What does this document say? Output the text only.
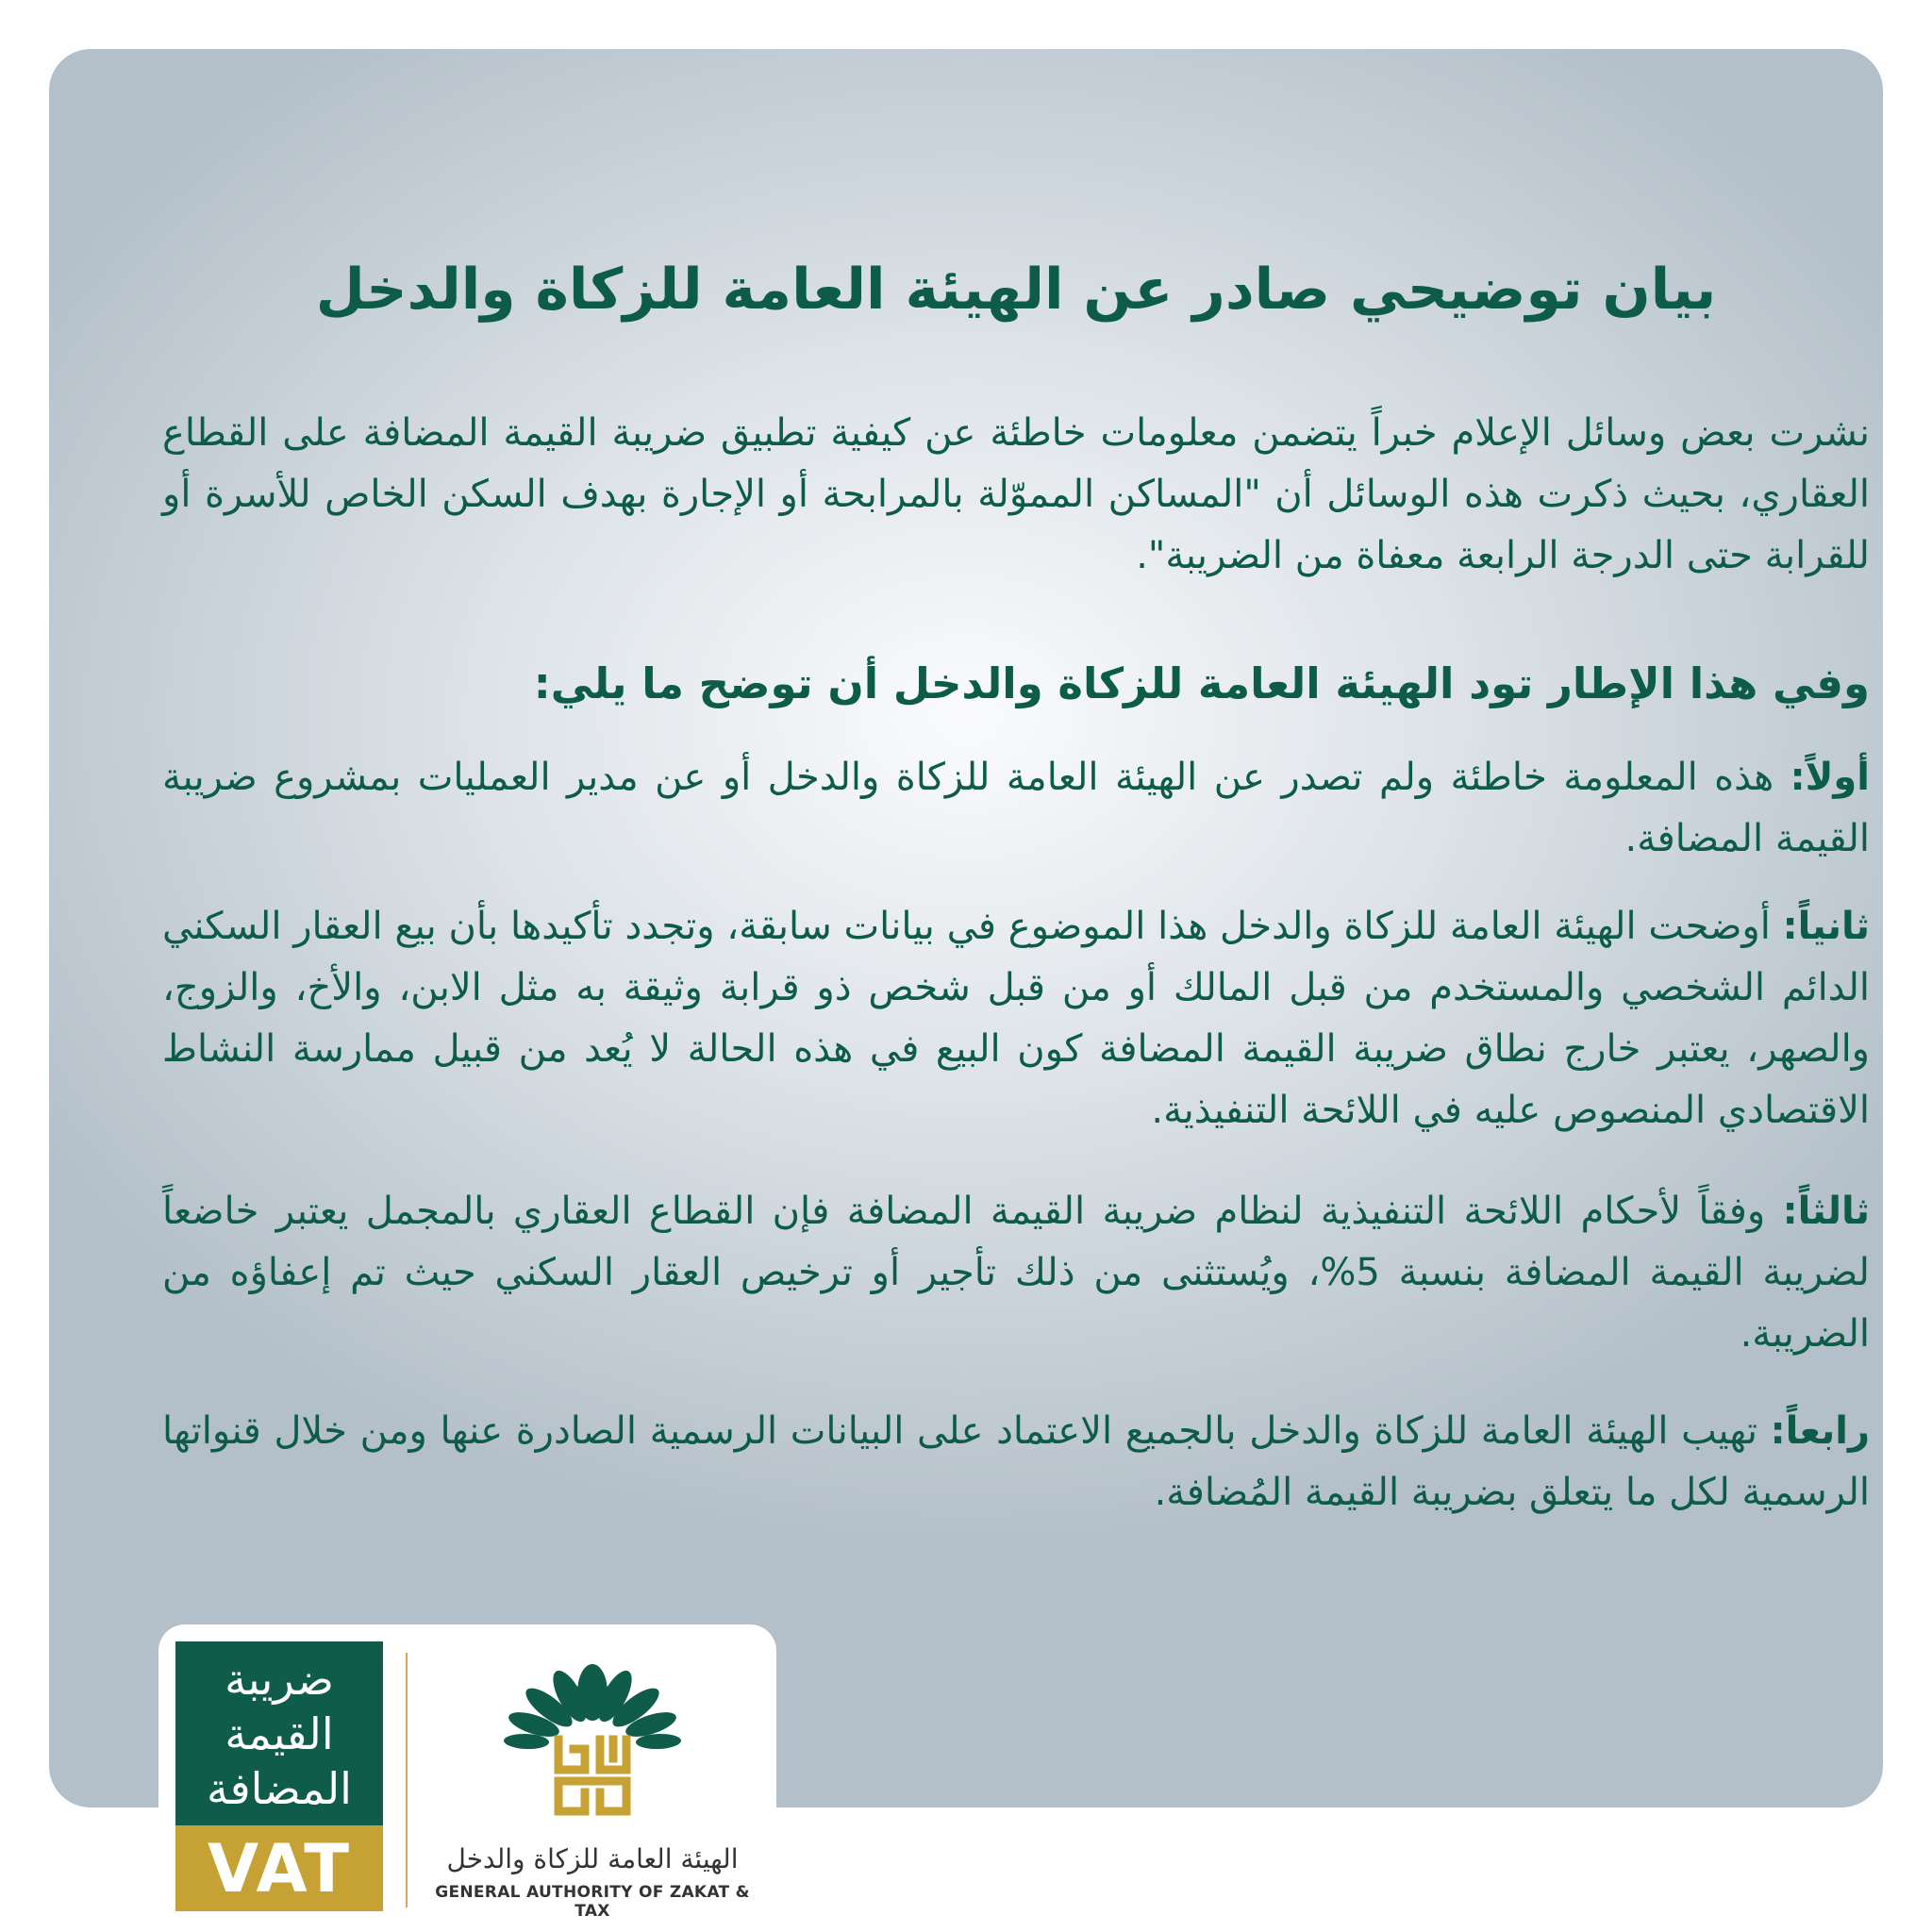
بيان توضيحي صادر عن الهيئة العامة للزكاة والدخل

نشرت بعض وسائل الإعلام خبراً يتضمن معلومات خاطئة عن كيفية تطبيق ضريبة القيمة المضافة على القطاع العقاري، بحيث ذكرت هذه الوسائل أن "المساكن المموّلة بالمرابحة أو الإجارة بهدف السكن الخاص للأسرة أو للقرابة حتى الدرجة الرابعة معفاة من الضريبة".

وفي هذا الإطار تود الهيئة العامة للزكاة والدخل أن توضح ما يلي:

أولاً: هذه المعلومة خاطئة ولم تصدر عن الهيئة العامة للزكاة والدخل أو عن مدير العمليات بمشروع ضريبة القيمة المضافة.

ثانياً: أوضحت الهيئة العامة للزكاة والدخل هذا الموضوع في بيانات سابقة، وتجدد تأكيدها بأن بيع العقار السكني الدائم الشخصي والمستخدم من قبل المالك أو من قبل شخص ذو قرابة وثيقة به مثل الابن، والأخ، والزوج، والصهر، يعتبر خارج نطاق ضريبة القيمة المضافة كون البيع في هذه الحالة لا يُعد من قبيل ممارسة النشاط الاقتصادي المنصوص عليه في اللائحة التنفيذية.

ثالثاً: وفقاً لأحكام اللائحة التنفيذية لنظام ضريبة القيمة المضافة فإن القطاع العقاري بالمجمل يعتبر خاضعاً لضريبة القيمة المضافة بنسبة 5%، ويُستثنى من ذلك تأجير أو ترخيص العقار السكني حيث تم إعفاؤه من الضريبة.

رابعاً: تهيب الهيئة العامة للزكاة والدخل بالجميع الاعتماد على البيانات الرسمية الصادرة عنها ومن خلال قنواتها الرسمية لكل ما يتعلق بضريبة القيمة المُضافة.

ضريبة
القيمة
المضافة
VAT	الهيئة العامة للزكاة والدخل
GENERAL AUTHORITY OF ZAKAT & TAX
